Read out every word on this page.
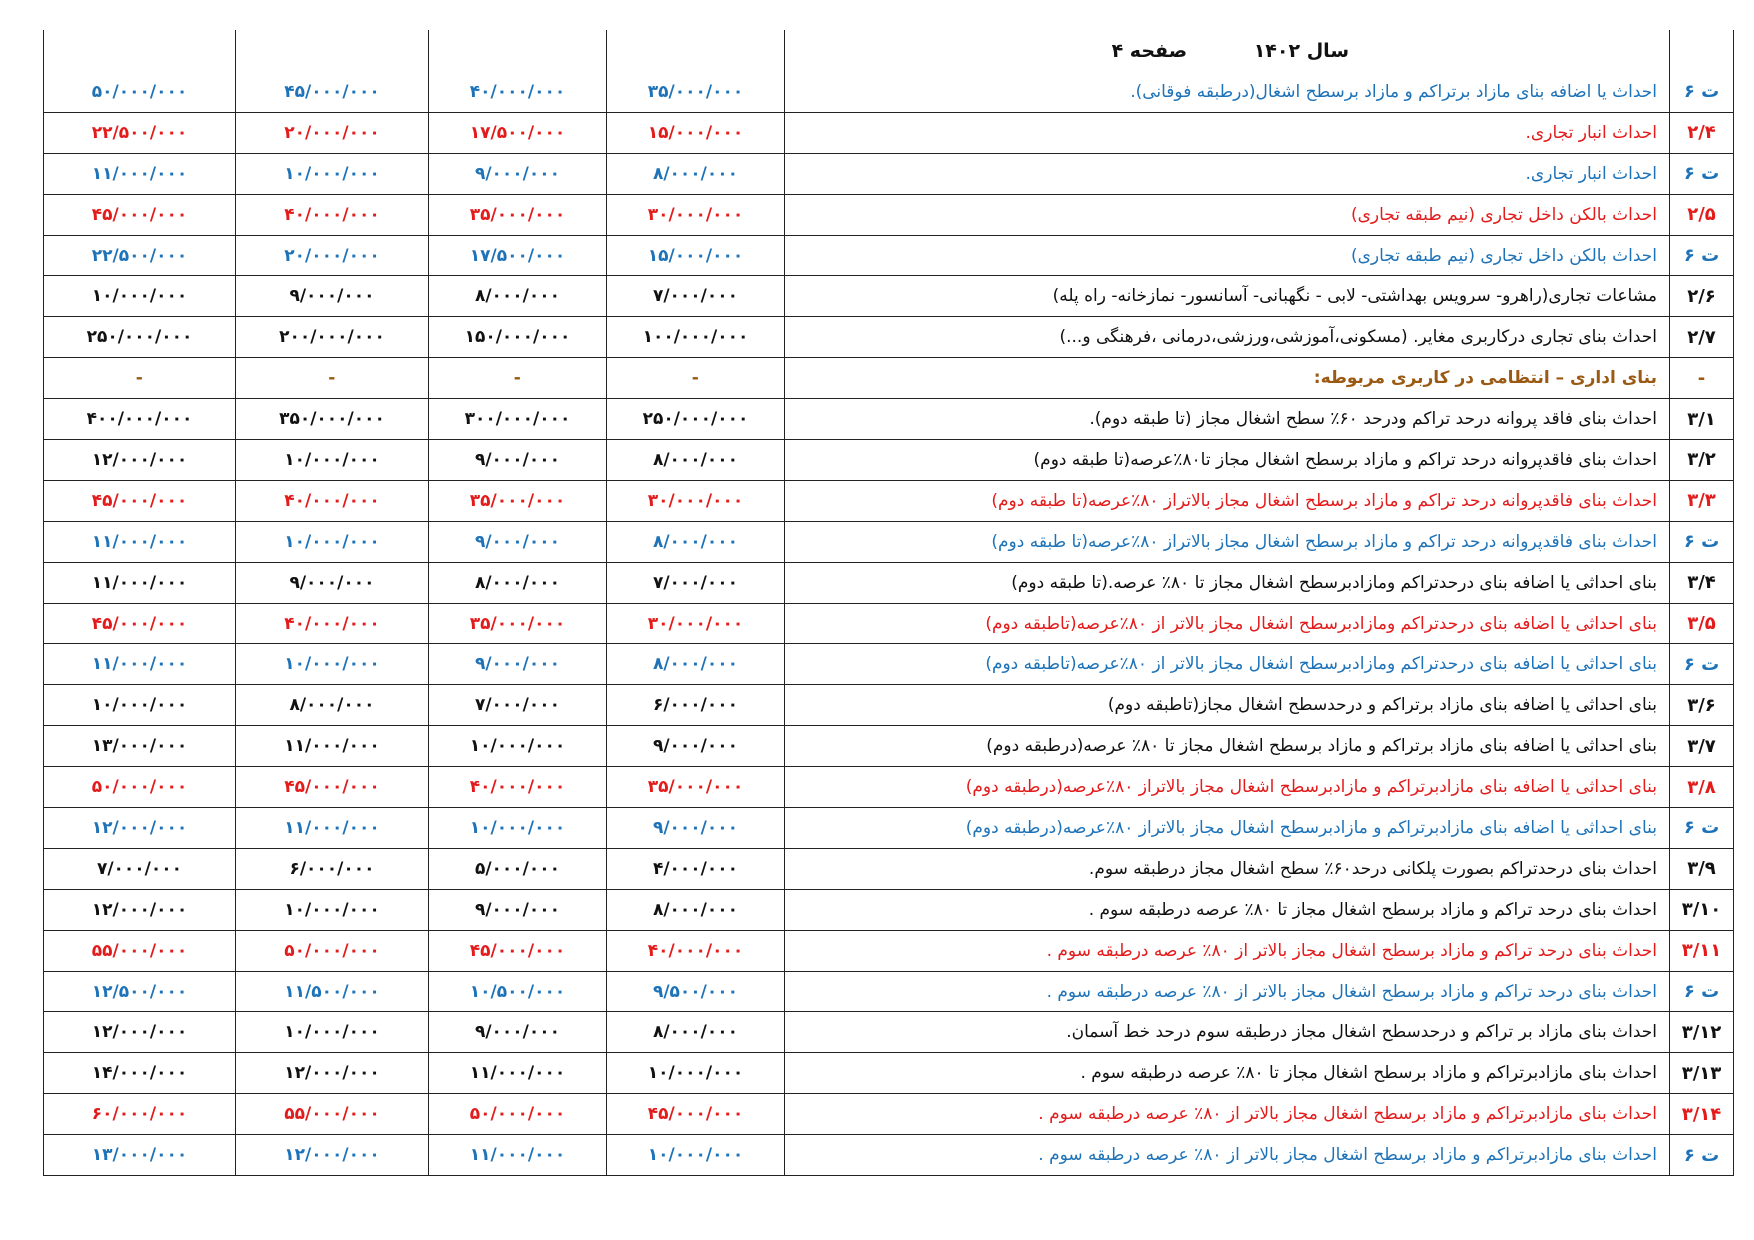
	سال ۱۴۰۲ صفحه ۴				
ت ۶	احداث یا اضافه بنای مازاد برتراکم و مازاد برسطح اشغال(درطبقه فوقانی).	۳۵/۰۰۰/۰۰۰	۴۰/۰۰۰/۰۰۰	۴۵/۰۰۰/۰۰۰	۵۰/۰۰۰/۰۰۰
۲/۴	احداث انبار تجاری.	۱۵/۰۰۰/۰۰۰	۱۷/۵۰۰/۰۰۰	۲۰/۰۰۰/۰۰۰	۲۲/۵۰۰/۰۰۰
ت ۶	احداث انبار تجاری.	۸/۰۰۰/۰۰۰	۹/۰۰۰/۰۰۰	۱۰/۰۰۰/۰۰۰	۱۱/۰۰۰/۰۰۰
۲/۵	احداث بالکن داخل تجاری (نیم طبقه تجاری)	۳۰/۰۰۰/۰۰۰	۳۵/۰۰۰/۰۰۰	۴۰/۰۰۰/۰۰۰	۴۵/۰۰۰/۰۰۰
ت ۶	احداث بالکن داخل تجاری (نیم طبقه تجاری)	۱۵/۰۰۰/۰۰۰	۱۷/۵۰۰/۰۰۰	۲۰/۰۰۰/۰۰۰	۲۲/۵۰۰/۰۰۰
۲/۶	مشاعات تجاری(راهرو- سرویس بهداشتی- لابی - نگهبانی- آسانسور- نمازخانه- راه پله)	۷/۰۰۰/۰۰۰	۸/۰۰۰/۰۰۰	۹/۰۰۰/۰۰۰	۱۰/۰۰۰/۰۰۰
۲/۷	احداث بنای تجاری درکاربری مغایر. (مسکونی،آموزشی،ورزشی،درمانی ،فرهنگی و...)	۱۰۰/۰۰۰/۰۰۰	۱۵۰/۰۰۰/۰۰۰	۲۰۰/۰۰۰/۰۰۰	۲۵۰/۰۰۰/۰۰۰
-	بنای اداری – انتظامی در کاربری مربوطه:	-	-	-	-
۳/۱	احداث بنای فاقد پروانه درحد تراکم ودرحد ۶۰٪ سطح اشغال مجاز (تا طبقه دوم).	۲۵۰/۰۰۰/۰۰۰	۳۰۰/۰۰۰/۰۰۰	۳۵۰/۰۰۰/۰۰۰	۴۰۰/۰۰۰/۰۰۰
۳/۲	احداث بنای فاقدپروانه درحد تراکم و مازاد برسطح اشغال مجاز تا۸۰٪عرصه(تا طبقه دوم)	۸/۰۰۰/۰۰۰	۹/۰۰۰/۰۰۰	۱۰/۰۰۰/۰۰۰	۱۲/۰۰۰/۰۰۰
۳/۳	احداث بنای فاقدپروانه درحد تراکم و مازاد برسطح اشغال مجاز بالاتراز ۸۰٪عرصه(تا طبقه دوم)	۳۰/۰۰۰/۰۰۰	۳۵/۰۰۰/۰۰۰	۴۰/۰۰۰/۰۰۰	۴۵/۰۰۰/۰۰۰
ت ۶	احداث بنای فاقدپروانه درحد تراکم و مازاد برسطح اشغال مجاز بالاتراز ۸۰٪عرصه(تا طبقه دوم)	۸/۰۰۰/۰۰۰	۹/۰۰۰/۰۰۰	۱۰/۰۰۰/۰۰۰	۱۱/۰۰۰/۰۰۰
۳/۴	بنای احداثی یا اضافه بنای درحدتراکم ومازادبرسطح اشغال مجاز تا ۸۰٪ عرصه.(تا طبقه دوم)	۷/۰۰۰/۰۰۰	۸/۰۰۰/۰۰۰	۹/۰۰۰/۰۰۰	۱۱/۰۰۰/۰۰۰
۳/۵	بنای احداثی یا اضافه بنای درحدتراکم ومازادبرسطح اشغال مجاز بالاتر از ۸۰٪عرصه(تاطبقه دوم)	۳۰/۰۰۰/۰۰۰	۳۵/۰۰۰/۰۰۰	۴۰/۰۰۰/۰۰۰	۴۵/۰۰۰/۰۰۰
ت ۶	بنای احداثی یا اضافه بنای درحدتراکم ومازادبرسطح اشغال مجاز بالاتر از ۸۰٪عرصه(تاطبقه دوم)	۸/۰۰۰/۰۰۰	۹/۰۰۰/۰۰۰	۱۰/۰۰۰/۰۰۰	۱۱/۰۰۰/۰۰۰
۳/۶	بنای احداثی یا اضافه بنای مازاد برتراکم و درحدسطح اشغال مجاز(تاطبقه دوم)	۶/۰۰۰/۰۰۰	۷/۰۰۰/۰۰۰	۸/۰۰۰/۰۰۰	۱۰/۰۰۰/۰۰۰
۳/۷	بنای احداثی یا اضافه بنای مازاد برتراکم و مازاد برسطح اشغال مجاز تا ۸۰٪ عرصه(درطبقه دوم)	۹/۰۰۰/۰۰۰	۱۰/۰۰۰/۰۰۰	۱۱/۰۰۰/۰۰۰	۱۳/۰۰۰/۰۰۰
۳/۸	بنای احداثی یا اضافه بنای مازادبرتراکم و مازادبرسطح اشغال مجاز بالاتراز ۸۰٪عرصه(درطبقه دوم)	۳۵/۰۰۰/۰۰۰	۴۰/۰۰۰/۰۰۰	۴۵/۰۰۰/۰۰۰	۵۰/۰۰۰/۰۰۰
ت ۶	بنای احداثی یا اضافه بنای مازادبرتراکم و مازادبرسطح اشغال مجاز بالاتراز ۸۰٪عرصه(درطبقه دوم)	۹/۰۰۰/۰۰۰	۱۰/۰۰۰/۰۰۰	۱۱/۰۰۰/۰۰۰	۱۲/۰۰۰/۰۰۰
۳/۹	احداث بنای درحدتراکم بصورت پلکانی درحد۶۰٪ سطح اشغال مجاز درطبقه سوم.	۴/۰۰۰/۰۰۰	۵/۰۰۰/۰۰۰	۶/۰۰۰/۰۰۰	۷/۰۰۰/۰۰۰
۳/۱۰	احداث بنای درحد تراکم و مازاد برسطح اشغال مجاز تا ۸۰٪ عرصه درطبقه سوم .	۸/۰۰۰/۰۰۰	۹/۰۰۰/۰۰۰	۱۰/۰۰۰/۰۰۰	۱۲/۰۰۰/۰۰۰
۳/۱۱	احداث بنای درحد تراکم و مازاد برسطح اشغال مجاز بالاتر از ۸۰٪ عرصه درطبقه سوم .	۴۰/۰۰۰/۰۰۰	۴۵/۰۰۰/۰۰۰	۵۰/۰۰۰/۰۰۰	۵۵/۰۰۰/۰۰۰
ت ۶	احداث بنای درحد تراکم و مازاد برسطح اشغال مجاز بالاتر از ۸۰٪ عرصه درطبقه سوم .	۹/۵۰۰/۰۰۰	۱۰/۵۰۰/۰۰۰	۱۱/۵۰۰/۰۰۰	۱۲/۵۰۰/۰۰۰
۳/۱۲	احداث بنای مازاد بر تراکم و درحدسطح اشغال مجاز درطبقه سوم درحد خط آسمان.	۸/۰۰۰/۰۰۰	۹/۰۰۰/۰۰۰	۱۰/۰۰۰/۰۰۰	۱۲/۰۰۰/۰۰۰
۳/۱۳	احداث بنای مازادبرتراکم و مازاد برسطح اشغال مجاز تا ۸۰٪ عرصه درطبقه سوم .	۱۰/۰۰۰/۰۰۰	۱۱/۰۰۰/۰۰۰	۱۲/۰۰۰/۰۰۰	۱۴/۰۰۰/۰۰۰
۳/۱۴	احداث بنای مازادبرتراکم و مازاد برسطح اشغال مجاز بالاتر از ۸۰٪ عرصه درطبقه سوم .	۴۵/۰۰۰/۰۰۰	۵۰/۰۰۰/۰۰۰	۵۵/۰۰۰/۰۰۰	۶۰/۰۰۰/۰۰۰
ت ۶	احداث بنای مازادبرتراکم و مازاد برسطح اشغال مجاز بالاتر از ۸۰٪ عرصه درطبقه سوم .	۱۰/۰۰۰/۰۰۰	۱۱/۰۰۰/۰۰۰	۱۲/۰۰۰/۰۰۰	۱۳/۰۰۰/۰۰۰
